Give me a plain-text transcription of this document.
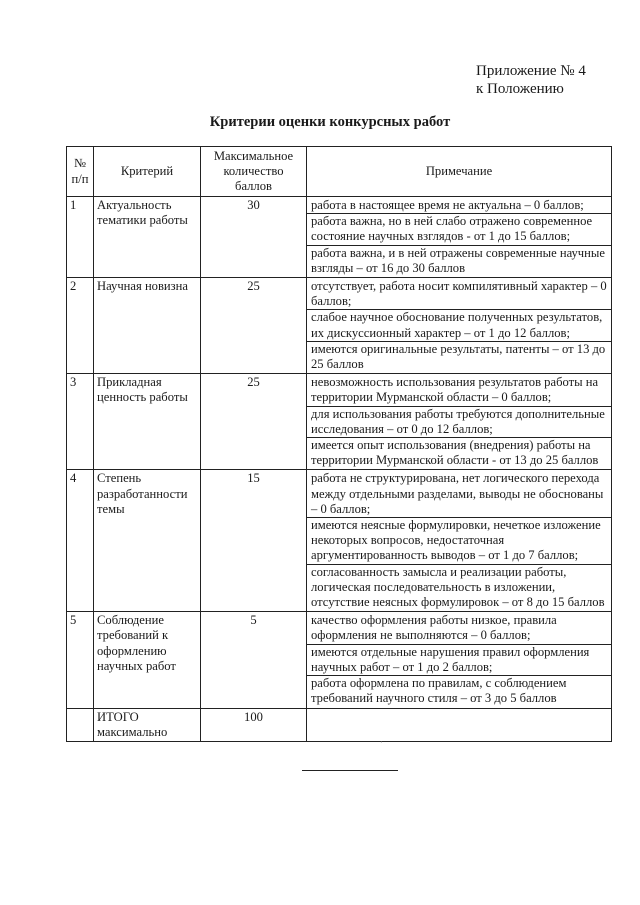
Приложение № 4
к Положению
Критерии оценки конкурсных работ
№ п/п	Критерий	Максимальное количество баллов	Примечание
1	Актуальность тематики работы	30	работа в настоящее время не актуальна – 0 баллов;
работа важна, но в ней слабо отражено современное состояние научных взглядов - от 1 до 15 баллов;
работа важна, и в ней отражены современные научные взгляды – от 16 до 30 баллов

2	Научная новизна	25	отсутствует, работа носит компилятивный характер – 0 баллов;
слабое научное обоснование полученных результатов, их дискуссионный характер – от 1 до 12 баллов;
имеются оригинальные результаты, патенты – от 13 до 25 баллов

3	Прикладная ценность работы	25	невозможность использования результатов работы на территории Мурманской области – 0 баллов;
для использования работы требуются дополнительные исследования – от 0 до 12 баллов;
имеется опыт использования (внедрения) работы на территории Мурманской области - от 13 до 25 баллов

4	Степень разработанности темы	15	работа не структурирована, нет логического перехода между отдельными разделами, выводы не обоснованы – 0 баллов;
имеются неясные формулировки, нечеткое изложение некоторых вопросов, недостаточная аргументированность выводов – от 1 до 7 баллов;
согласованность замысла и реализации работы, логическая последовательность в изложении, отсутствие неясных формулировок – от 8 до 15 баллов

5	Соблюдение требований к оформлению научных работ	5	качество оформления работы низкое, правила оформления не выполняются – 0 баллов;
имеются отдельные нарушения правил оформления научных работ – от 1 до 2 баллов;
работа оформлена по правилам, с соблюдением требований научного стиля – от 3 до 5 баллов

	ИТОГО максимально	100	
·
